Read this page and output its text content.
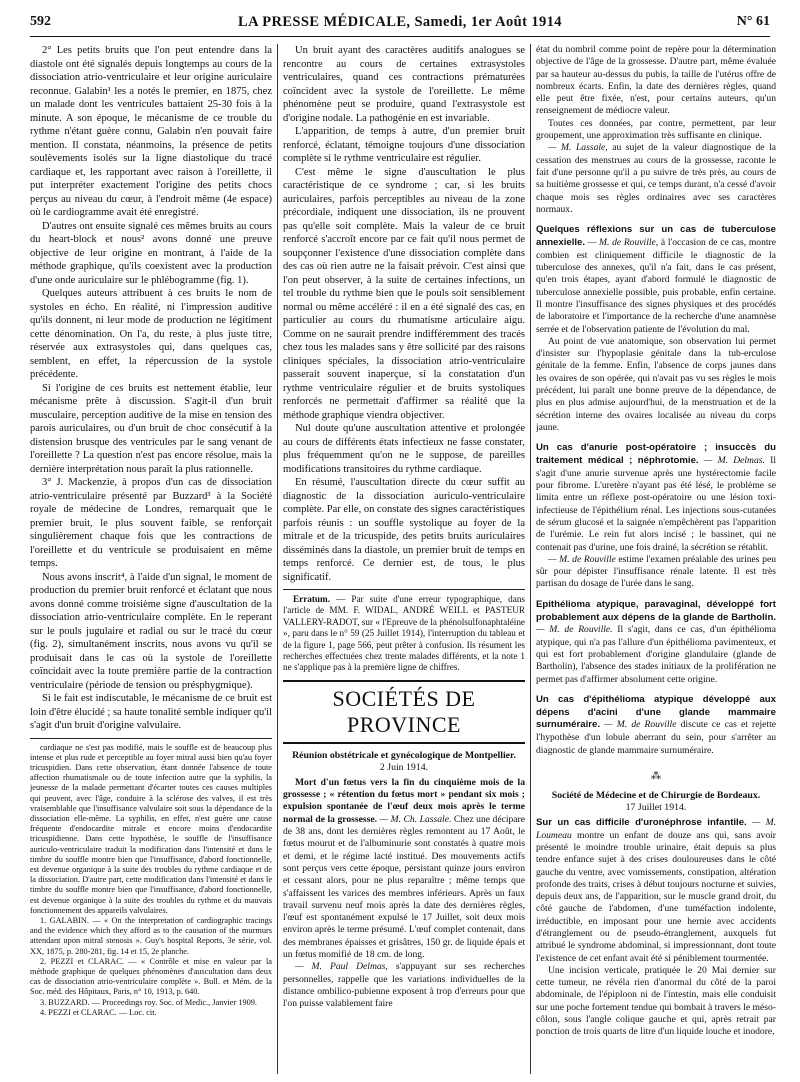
592	LA PRESSE MÉDICALE, Samedi, 1er Août 1914	N° 61

2° Les petits bruits que l'on peut entendre dans la diastole ont été signalés depuis longtemps au cours de la dissociation atrio-ventriculaire et leur origine auriculaire reconnue. Galabin¹ les a notés le premier, en 1875, chez un malade dont les ventricules battaient 25-30 fois à la minute. A son époque, le mécanisme de ce trouble du rythme n'étant guère connu, Galabin n'en pouvait faire mention. Il constata, néanmoins, la présence de petits soulèvements isolés sur la ligne diastolique du tracé cardiaque et, les rapportant avec raison à l'oreillette, il put interpréter exactement l'origine des petits chocs perçus au niveau du cœur, à l'endroit même (4e espace) où le cardiogramme avait été enregistré.

D'autres ont ensuite signalé ces mêmes bruits au cours du heart-block et nous² avons donné une preuve objective de leur origine en montrant, à l'aide de la méthode graphique, qu'ils coexistent avec la production d'une onde auriculaire sur le phlébogramme (fig. 1).

Quelques auteurs attribuent à ces bruits le nom de systoles en écho. En réalité, ni l'impression auditive qu'ils donnent, ni leur mode de production ne légitiment cette dénomination. On l'a, du reste, à plus juste titre, réservée aux extrasystoles qui, dans quelques cas, semblent, en effet, la répercussion de la systole précédente.

Si l'origine de ces bruits est nettement établie, leur mécanisme prête à discussion. S'agit-il d'un bruit musculaire, perception auditive de la mise en tension des parois auriculaires, ou d'un bruit de choc consécutif à la distension brusque des ventricules par le sang venant de l'oreillette ? La question n'est pas encore résolue, mais la dernière interprétation nous paraît la plus rationnelle.

3° J. Mackenzie, à propos d'un cas de dissociation atrio-ventriculaire présenté par Buzzard³ à la Société royale de médecine de Londres, remarquait que le premier bruit, le plus souvent faible, se renforçait singulièrement chaque fois que les contractions de l'oreillette et du ventricule se produisaient en même temps.

Nous avons inscrit⁴, à l'aide d'un signal, le moment de production du premier bruit renforcé et éclatant que nous avons donné comme troisième signe d'auscultation de la dissociation atrio-ventriculaire complète. En le reperant sur le pouls jugulaire et radial ou sur le tracé du cœur (fig. 2), simultanément inscrits, nous avons vu qu'il se produisait dans le cas où la systole de l'oreillette coïncidait avec la toute première partie de la contraction ventriculaire (période de tension ou présphygmique).

Si le fait est indiscutable, le mécanisme de ce bruit est loin d'être élucidé ; sa haute tonalité semble indiquer qu'il s'agit d'un bruit d'origine valvulaire.

cardiaque ne s'est pas modifié, mais le souffle est de beaucoup plus intense et plus rude et perceptible au foyer mitral aussi bien qu'au foyer tricuspidien. Dans cette observation, étant donnée l'absence de toute affection rhumatismale ou de toute infection autre que la syphilis, la jeunesse de la malade permettant d'écarter toutes ces causes multiples qui peuvent, avec l'âge, conduire à la sclérose des valves, il est très vraisemblable que l'insuffisance valvulaire soit sous la dépendance de la dissociation elle-même. La syphilis, en effet, n'est guère une cause fréquente d'endocardite mitrale et encore moins d'endocardite tricuspidienne. Dans cette hypothèse, le souffle de l'insuffisance auriculo-ventriculaire traduit la modification dans l'intensité et dans le timbre du souffle montre bien que l'insuffisance, d'abord fonctionnelle, est devenue organique à la suite des troubles du rythme cardiaque et de la dissociation. D'autre part, cette modification dans l'intensité et dans le timbre du souffle montre bien que l'insuffisance, d'abord fonctionnelle, est devenue organique à la suite des troubles du rythme et du mauvais fonctionnement des appareils valvulaires.

1. GALABIN. — « On the interpretation of cardiographic tracings and the evidence which they afford as to the causation of the murmurs attendant upon mitral stenosis ». Guy's hospital Reports, 3e série, vol. XX, 1875, p. 280-281, fig. 14 et 15, 2e planche.

2. PEZZI et CLARAC. — « Contrôle et mise en valeur par la méthode graphique de quelques phénomènes d'auscultation dans deux cas de dissociation atrio-ventriculaire complète ». Bull. et Mém. de la Soc. méd. des Hôpitaux, Paris, n° 10, 1913, p. 640.

3. BUZZARD. — Proceedings roy. Soc. of Medic., Janvier 1909.

4. PEZZI et CLARAC. — Loc. cit.

Un bruit ayant des caractères auditifs analogues se rencontre au cours de certaines extrasystoles ventriculaires, quand ces contractions prématurées coïncident avec la systole de l'oreillette. Le même phénomène peut se produire, quand l'extrasystole est d'origine nodale. La pathogénie en est invariable.

L'apparition, de temps à autre, d'un premier bruit renforcé, éclatant, témoigne toujours d'une dissociation complète si le rythme ventriculaire est régulier.

C'est même le signe d'auscultation le plus caractéristique de ce syndrome ; car, si les bruits auriculaires, parfois perceptibles au niveau de la zone précordiale, indiquent une dissociation, ils ne prouvent pas qu'elle soit complète. Mais la valeur de ce bruit renforcé s'accroît encore par ce fait qu'il nous permet de soupçonner l'existence d'une dissociation complète dans des cas où rien autre ne la faisait prévoir. C'est ainsi que l'on peut observer, à la suite de certaines infections, un tel trouble du rythme bien que le pouls soit sensiblement normal ou même accéléré : il en a été signalé des cas, en particulier au cours du rhumatisme articulaire aigu. Comme on ne saurait prendre indifféremment des tracés chez tous les malades sans y être sollicité par des raisons cliniques spéciales, la dissociation atrio-ventriculaire passerait souvent inaperçue, si la constatation d'un rythme ventriculaire régulier et de bruits systoliques renforcés ne permettait d'affirmer sa réalité que la méthode graphique viendra objectiver.

Nul doute qu'une auscultation attentive et prolongée au cours de différents états infectieux ne fasse constater, plus fréquemment qu'on ne le suppose, de pareilles modifications transitoires du rythme cardiaque.

En résumé, l'auscultation directe du cœur suffit au diagnostic de la dissociation auriculo-ventriculaire complète. Par elle, on constate des signes caractéristiques parfois réunis : un souffle systolique au foyer de la mitrale et de la tricuspide, des petits bruits auriculaires disséminés dans la diastole, un premier bruit de temps en temps renforcé. Ce dernier est, de tous, le plus significatif.

Erratum. — Par suite d'une erreur typographique, dans l'article de MM. F. WIDAL, ANDRÉ WEILL et PASTEUR VALLERY-RADOT, sur « l'Epreuve de la phénolsulfonaphtaléine », paru dans le n° 59 (25 Juillet 1914), l'interruption du tableau et de la figure 1, page 566, peut prêter à confusion. Ils résument les recherches effectuées chez trente malades différents, et la note 1 ne s'applique pas à la première ligne de chiffres.

SOCIÉTÉS DE PROVINCE

Réunion obstétricale et gynécologique de Montpellier.

2 Juin 1914.

Mort d'un fœtus vers la fin du cinquième mois de la grossesse ; « rétention du fœtus mort » pendant six mois ; expulsion spontanée de l'œuf deux mois après le terme normal de la grossesse. — M. Ch. Lassale. Chez une décipare de 38 ans, dont les dernières règles remontent au 17 Août, le fœtus mourut et de l'albuminurie sont constatés à quatre mois et demi, et le régime lacté institué. Des mouvements actifs sont perçus vers cette époque, persistant quinze jours environ et cessant alors, pour ne plus reparaître ; même temps que s'affaissent les varices des membres inférieurs. Après un faux travail survenu neuf mois après la date des dernières règles, l'œuf est spontanément expulsé le 17 Juillet, soit deux mois environ après le terme présumé. L'œuf complet contenait, dans des membranes épaisses et grisâtres, 150 gr. de liquide épais et un fœtus momifié de 18 cm. de long.

— M. Paul Delmas, s'appuyant sur ses recherches personnelles, rappelle que les variations individuelles de la distance ombilico-pubienne exposent à trop d'erreurs pour que l'on puisse valablement faire

état du nombril comme point de repère pour la détermination objective de l'âge de la grossesse. D'autre part, même évaluée par sa hauteur au-dessus du pubis, la taille de l'utérus offre de nombreux écarts. Enfin, la date des dernières règles, quand elle peut être fixée, n'est, pour certains auteurs, qu'un renseignement de médiocre valeur.

Toutes ces données, par contre, permettent, par leur groupement, une approximation très suffisante en clinique.

— M. Lassale, au sujet de la valeur diagnostique de la cessation des menstrues au cours de la grossesse, raconte le fait d'une personne qu'il a pu suivre de très près, au cours de sa huitième grossesse et qui, ce temps durant, n'a cessé d'avoir chaque mois ses règles ordinaires avec ses caractères normaux.

Quelques réflexions sur un cas de tuberculose annexielle. — M. de Rouville, à l'occasion de ce cas, montre combien est cliniquement difficile le diagnostic de la tuberculose des annexes, qu'il n'a fait, dans le cas présent, qu'en trois étapes, ayant d'abord formulé le diagnostic de tuberculose annexielle possible, puis probable, enfin certaine. Il montre l'insuffisance des signes physiques et des procédés de laboratoire et l'importance de la recherche d'une anamnèse serrée et de l'observation patiente de l'évolution du mal.

Au point de vue anatomique, son observation lui permet d'insister sur l'hypoplasie génitale dans la tub-erculose génitale de la femme. Enfin, l'absence de corps jaunes dans les ovaires de son opérée, qui n'avait pas vu ses règles le mois précédent, lui paraît une bonne preuve de la dépendance, de plus en plus admise aujourd'hui, de la menstruation et de la sécrétion interne des ovaires localisée au niveau du corps jaune.

Un cas d'anurie post-opératoire ; insuccès du traitement médical ; néphrotomie. — M. Delmas. Il s'agit d'une anurie survenue après une hystérectomie facile pour fibrome. L'uretère n'ayant pas été lésé, le problème se limita entre un réflexe post-opératoire ou une lésion toxi-infectieuse de l'épithélium rénal. Les injections sous-cutanées de sérum glucosé et la saignée n'empêchèrent pas l'apparition de l'urémie. Le rein fut alors incisé ; le bassinet, qui ne contenait pas d'urine, une fois drainé, la sécrétion se rétablit.

— M. de Rouville estime l'examen préalable des urines peu sûr pour dépister l'insuffisance rénale latente. Il est très partisan du dosage de l'urée dans le sang.

Epithélioma atypique, paravaginal, développé fort probablement aux dépens de la glande de Bartholin. — M. de Rouville. Il s'agit, dans ce cas, d'un épithélioma atypique, qui n'a pas l'allure d'un épithélioma pavimenteux, et qui est fort probablement d'origine glandulaire (glande de Bartholin), l'absence des stades initiaux de la prolifération ne permet pas d'affirmer absolument cette origine.

Un cas d'épithélioma atypique développé aux dépens d'acini d'une glande mammaire surnuméraire. — M. de Rouville discute ce cas et rejette l'hypothèse d'un lobule aberrant du sein, pour s'arrêter au diagnostic de glande mammaire surnuméraire.

⁂

Société de Médecine et de Chirurgie de Bordeaux.

17 Juillet 1914.

Sur un cas difficile d'uronéphrose infantile. — M. Loumeau montre un enfant de douze ans qui, sans avoir présenté le moindre trouble urinaire, était depuis sa plus tendre enfance sujet à des crises douloureuses dans le côté gauche du ventre, avec vomissements, constipation, altération profonde des traits, crises à début toujours nocturne et suivies, depuis deux ans, de l'apparition, sur le muscle grand droit, du côté gauche de l'abdomen, d'une tuméfaction indolente, irréductible, en imposant pour une hernie avec accidents d'étranglement ou de pseudo-étranglement, auxquels fut attribué le syndrome abdominal, si impressionnant, dont toute l'existence de cet enfant avait été si péniblement tourmentée.

Une incision verticale, pratiquée le 20 Mai dernier sur cette tumeur, ne révéla rien d'anormal du côté de la paroi abdominale, de l'épiploon ni de l'intestin, mais elle conduisit sur une poche fortement tendue qui bombait à travers le méso-côlon, sous l'angle colique gauche et qui, après retrait par ponction de trois quarts de litre d'un liquide louche et inodore,
